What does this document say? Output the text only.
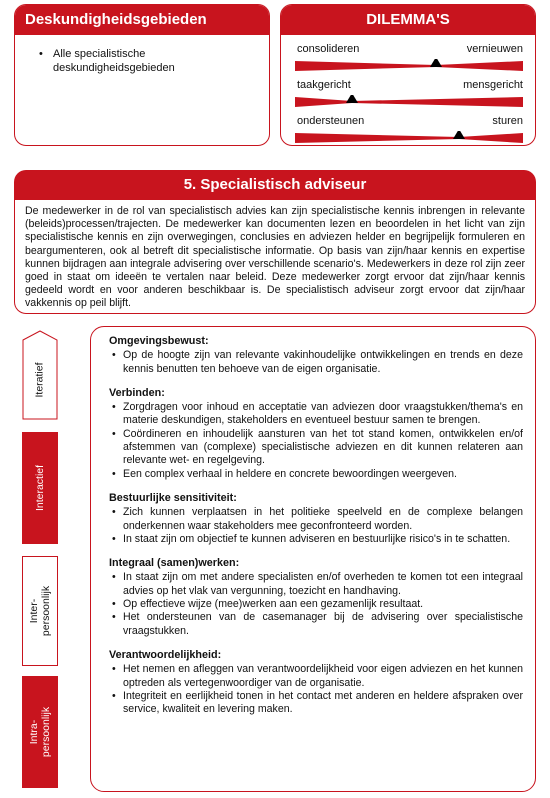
Deskundigheidsgebieden
• Alle specialistische deskundigheidsgebieden
DILEMMA'S
consolideren	vernieuwen
taakgericht	mensgericht
ondersteunen	sturen
5. Specialistisch adviseur
De medewerker in de rol van specialistisch advies kan zijn specialistische kennis inbrengen in relevante (beleids)processen/trajecten. De medewerker kan documenten lezen en beoordelen in het licht van zijn specialistische kennis en zijn overwegingen, conclusies en adviezen helder en begrijpelijk formuleren en beargumenteren, ook al betreft dit specialistische informatie. Op basis van zijn/haar kennis en expertise kunnen bijdragen aan integrale advisering over verschillende scenario's. Medewerkers in deze rol zijn zeer goed in staat om ideeën te vertalen naar beleid. Deze medewerker zorgt ervoor dat zijn/haar kennis gedeeld wordt en voor anderen beschikbaar is. De specialistisch adviseur zorgt ervoor dat zijn/haar vakkennis op peil blijft.
Iteratief
Interactief
Inter-
persoonlijk
Intra-
persoonlijk
Omgevingsbewust:
• Op de hoogte zijn van relevante vakinhoudelijke ontwikkelingen en trends en deze kennis benutten ten behoeve van de eigen organisatie.
Verbinden:
• Zorgdragen voor inhoud en acceptatie van adviezen door vraagstukken/thema's en materie deskundigen, stakeholders en eventueel bestuur samen te brengen.
• Coördineren en inhoudelijk aansturen van het tot stand komen, ontwikkelen en/of afstemmen van (complexe) specialistische adviezen en dit kunnen relateren aan relevante wet- en regelgeving.
• Een complex verhaal in heldere en concrete bewoordingen weergeven.
Bestuurlijke sensitiviteit:
• Zich kunnen verplaatsen in het politieke speelveld en de complexe belangen onderkennen waar stakeholders mee geconfronteerd worden.
• In staat zijn om objectief te kunnen adviseren en bestuurlijke risico's in te schatten.
Integraal (samen)werken:
• In staat zijn om met andere specialisten en/of overheden te komen tot een integraal advies op het vlak van vergunning, toezicht en handhaving.
• Op effectieve wijze (mee)werken aan een gezamenlijk resultaat.
• Het ondersteunen van de casemanager bij de advisering over specialistische vraagstukken.
Verantwoordelijkheid:
• Het nemen en afleggen van verantwoordelijkheid voor eigen adviezen en het kunnen optreden als vertegenwoordiger van de organisatie.
• Integriteit en eerlijkheid tonen in het contact met anderen en heldere afspraken over service, kwaliteit en levering maken.
